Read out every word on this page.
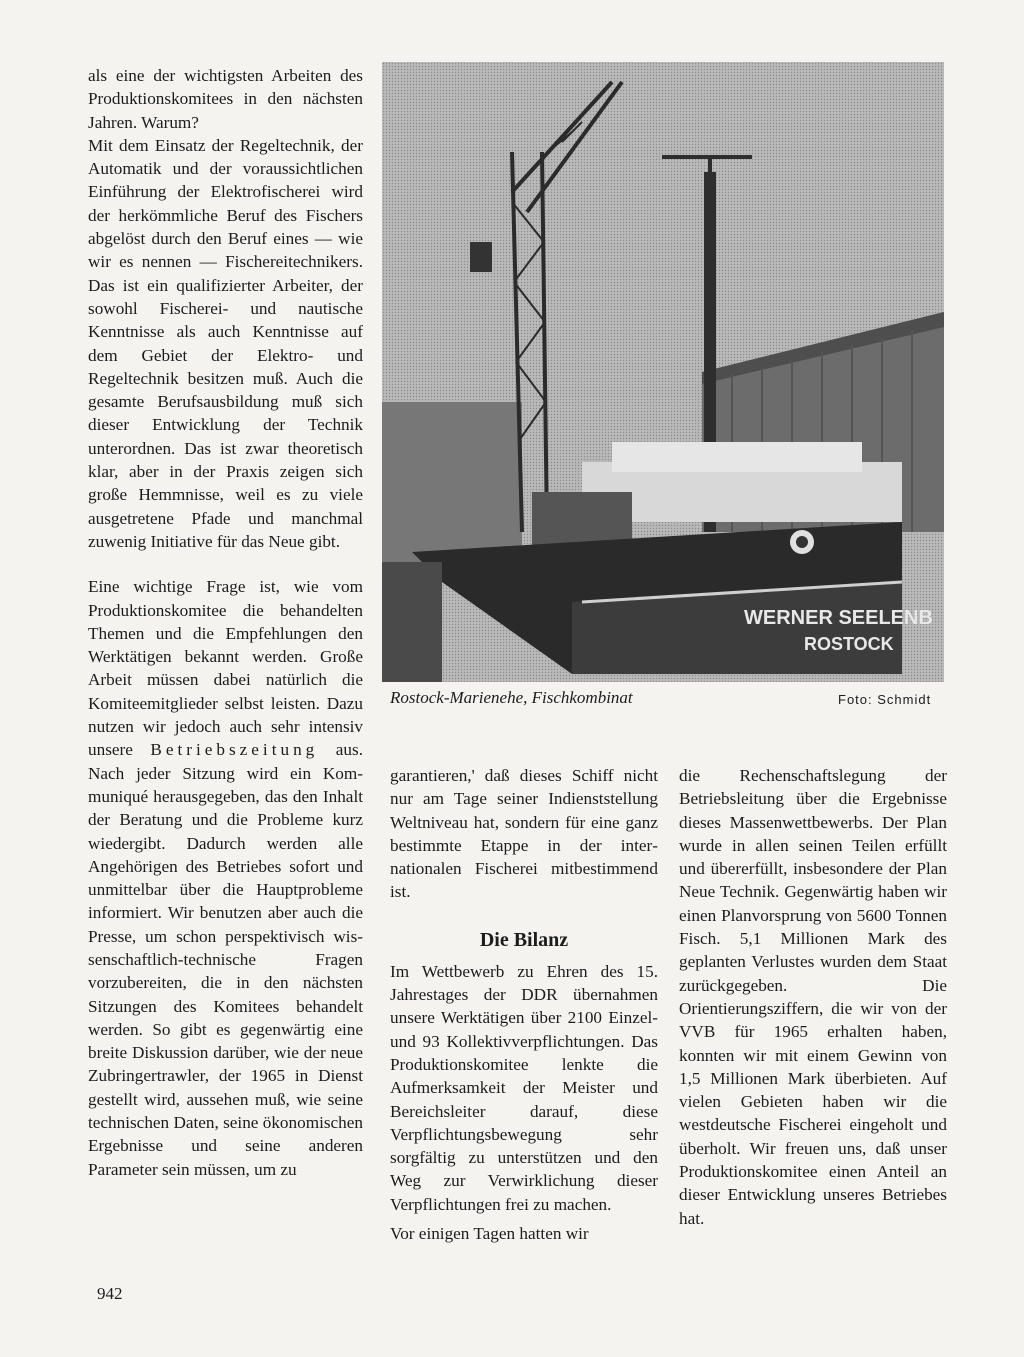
als eine der wichtigsten Arbeiten des Produktionskomitees in den nächsten Jahren. Warum?

Mit dem Einsatz der Regeltechnik, der Automatik und der voraussichtlichen Einführung der Elektrofischerei wird der herkömmliche Beruf des Fischers abgelöst durch den Beruf eines — wie wir es nennen — Fischereitechnikers. Das ist ein qualifizierter Arbeiter, der sowohl Fischerei- und nautische Kenntnisse als auch Kenntnisse auf dem Gebiet der Elektro- und Regeltechnik besitzen muß. Auch die gesamte Berufsausbildung muß sich dieser Entwicklung der Technik unterordnen. Das ist zwar theoretisch klar, aber in der Praxis zeigen sich große Hemmnisse, weil es zu viele ausgetretene Pfade und manchmal zuwenig Initiative für das Neue gibt.

Eine wichtige Frage ist, wie vom Produktionskomitee die behandelten Themen und die Empfehlungen den Werktätigen bekannt werden. Große Arbeit müssen dabei natürlich die Komiteemitglieder selbst leisten. Dazu nutzen wir jedoch auch sehr intensiv unsere Betriebszeitung aus. Nach jeder Sitzung wird ein Kommuniqué herausgegeben, das den Inhalt der Beratung und die Probleme kurz wiedergibt. Dadurch werden alle Angehörigen des Betriebes sofort und unmittelbar über die Hauptprobleme informiert. Wir benutzen aber auch die Presse, um schon perspektivisch wissenschaftlich-technische Fragen vorzubereiten, die in den nächsten Sitzungen des Komitees behandelt werden. So gibt es gegenwärtig eine breite Diskussion darüber, wie der neue Zubringertrawler, der 1965 in Dienst gestellt wird, aussehen muß, wie seine technischen Daten, seine ökonomischen Ergebnisse und seine anderen Parameter sein müssen, um zu

WERNER SEELENB
ROSTOCK
Rostock-Marienehe, Fischkombinat	Foto: Schmidt

garantieren,' daß dieses Schiff nicht nur am Tage seiner Indienststellung Weltniveau hat, sondern für eine ganz bestimmte Etappe in der internationalen Fischerei mitbestimmend ist.

Die Bilanz

Im Wettbewerb zu Ehren des 15. Jahrestages der DDR übernahmen unsere Werktätigen über 2100 Einzel- und 93 Kollektivverpflichtungen. Das Produktionskomitee lenkte die Aufmerksamkeit der Meister und Bereichsleiter darauf, diese Verpflichtungsbewegung sehr sorgfältig zu unterstützen und den Weg zur Verwirklichung dieser Verpflichtungen frei zu machen.

Vor einigen Tagen hatten wir

die Rechenschaftslegung der Betriebsleitung über die Ergebnisse dieses Massenwettbewerbs. Der Plan wurde in allen seinen Teilen erfüllt und übererfüllt, insbesondere der Plan Neue Technik. Gegenwärtig haben wir einen Planvorsprung von 5600 Tonnen Fisch. 5,1 Millionen Mark des geplanten Verlustes wurden dem Staat zurückgegeben. Die Orientierungsziffern, die wir von der VVB für 1965 erhalten haben, konnten wir mit einem Gewinn von 1,5 Millionen Mark überbieten. Auf vielen Gebieten haben wir die westdeutsche Fischerei eingeholt und überholt. Wir freuen uns, daß unser Produktionskomitee einen Anteil an dieser Entwicklung unseres Betriebes hat.

942
